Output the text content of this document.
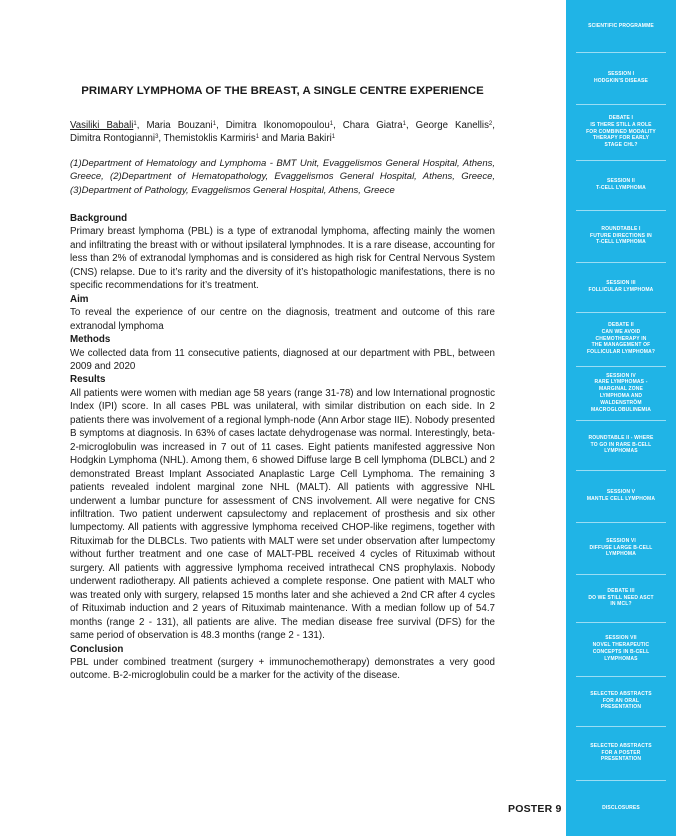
PRIMARY LYMPHOMA OF THE BREAST, A SINGLE CENTRE EXPERIENCE
Vasiliki Babali$^1$, Maria Bouzani$^1$, Dimitra Ikonomopoulou$^1$, Chara Giatra$^1$, George Kanellis$^2$, Dimitra Rontogianni$^3$, Themistoklis Karmiris$^1$ and Maria Bakiri$^1$
(1)Department of Hematology and Lymphoma - BMT Unit, Evaggelismos General Hospital, Athens, Greece, (2)Department of Hematopathology, Evaggelismos General Hospital, Athens, Greece, (3)Department of Pathology, Evaggelismos General Hospital, Athens, Greece
Background

Primary breast lymphoma (PBL) is a type of extranodal lymphoma, affecting mainly the women and infiltrating the breast with or without ipsilateral lymphnodes. It is a rare disease, accounting for less than 2% of extranodal lymphomas and is considered as high risk for Central Nervous System (CNS) relapse. Due to it’s rarity and the diversity of it’s histopathologic manifestations, there is no specific recommendations for it’s treatment.

Aim

To reveal the experience of our centre on the diagnosis, treatment and outcome of this rare extranodal lymphoma

Methods

We collected data from 11 consecutive patients, diagnosed at our department with PBL, between 2009 and 2020

Results

All patients were women with median age 58 years (range 31-78) and low International prognostic Index (IPI) score. In all cases PBL was unilateral, with similar distribution on each side. In 2 patients there was involvement of a regional lymph-node (Ann Arbor stage IIE). Nobody presented B symptoms at diagnosis. In 63% of cases lactate dehydrogenase was normal. Interestingly, beta-2-microglobulin was increased in 7 out of 11 cases. Eight patients manifested aggressive Non Hodgkin Lymphoma (NHL). Among them, 6 showed Diffuse large B cell lymphoma (DLBCL) and 2 demonstrated Breast Implant Associated Anaplastic Large Cell Lymphoma. The remaining 3 patients revealed indolent marginal zone NHL (MALT). All patients with aggressive NHL underwent a lumbar puncture for assessment of CNS involvement. All were negative for CNS infiltration. Two patient underwent capsulectomy and replacement of prosthesis and six other lumpectomy. All patients with aggressive lymphoma received CHOP-like regimens, together with Rituximab for the DLBCLs. Two patients with MALT were set under observation after lumpectomy without further treatment and one case of MALT-PBL received 4 cycles of Rituximab without surgery. All patients with aggressive lymphoma received intrathecal CNS prophylaxis. Nobody underwent radiotherapy. All patients achieved a complete response. One patient with MALT who was treated only with surgery, relapsed 15 months later and she achieved a 2nd CR after 4 cycles of Rituximab induction and 2 years of Rituximab maintenance. With a median follow up of 54.7 months (range 2 - 131), all patients are alive. The median disease free survival (DFS) for the same period of observation is 48.3 months (range 2 - 131).

Conclusion

PBL under combined treatment (surgery + immunochemotherapy) demonstrates a very good outcome. B-2-microglobulin could be a marker for the activity of the disease.

POSTER 9
SCIENTIFIC PROGRAMME
SESSION I
HODGKIN'S DISEASE
DEBATE I
IS THERE STILL A ROLE
FOR COMBINED MODALITY
THERAPY FOR EARLY
STAGE CHL?
SESSION II
T-CELL LYMPHOMA
ROUNDTABLE I
FUTURE DIRECTIONS IN
T-CELL LYMPHOMA
SESSION III
FOLLICULAR LYMPHOMA
DEBATE II
CAN WE AVOID
CHEMOTHERAPY IN
THE MANAGEMENT OF
FOLLICULAR LYMPHOMA?
SESSION IV
RARE LYMPHOMAS -
MARGINAL ZONE
LYMPHOMA AND
WALDENSTRÖM
MACROGLOBULINEMIA
ROUNDTABLE II - WHERE
TO GO IN RARE B-CELL
LYMPHOMAS
SESSION V
MANTLE CELL LYMPHOMA
SESSION VI
DIFFUSE LARGE B-CELL
LYMPHOMA
DEBATE III
DO WE STILL NEED ASCT
IN MCL?
SESSION VII
NOVEL THERAPEUTIC
CONCEPTS IN B-CELL
LYMPHOMAS
SELECTED ABSTRACTS
FOR AN ORAL
PRESENTATION
SELECTED ABSTRACTS
FOR A POSTER
PRESENTATION
DISCLOSURES
